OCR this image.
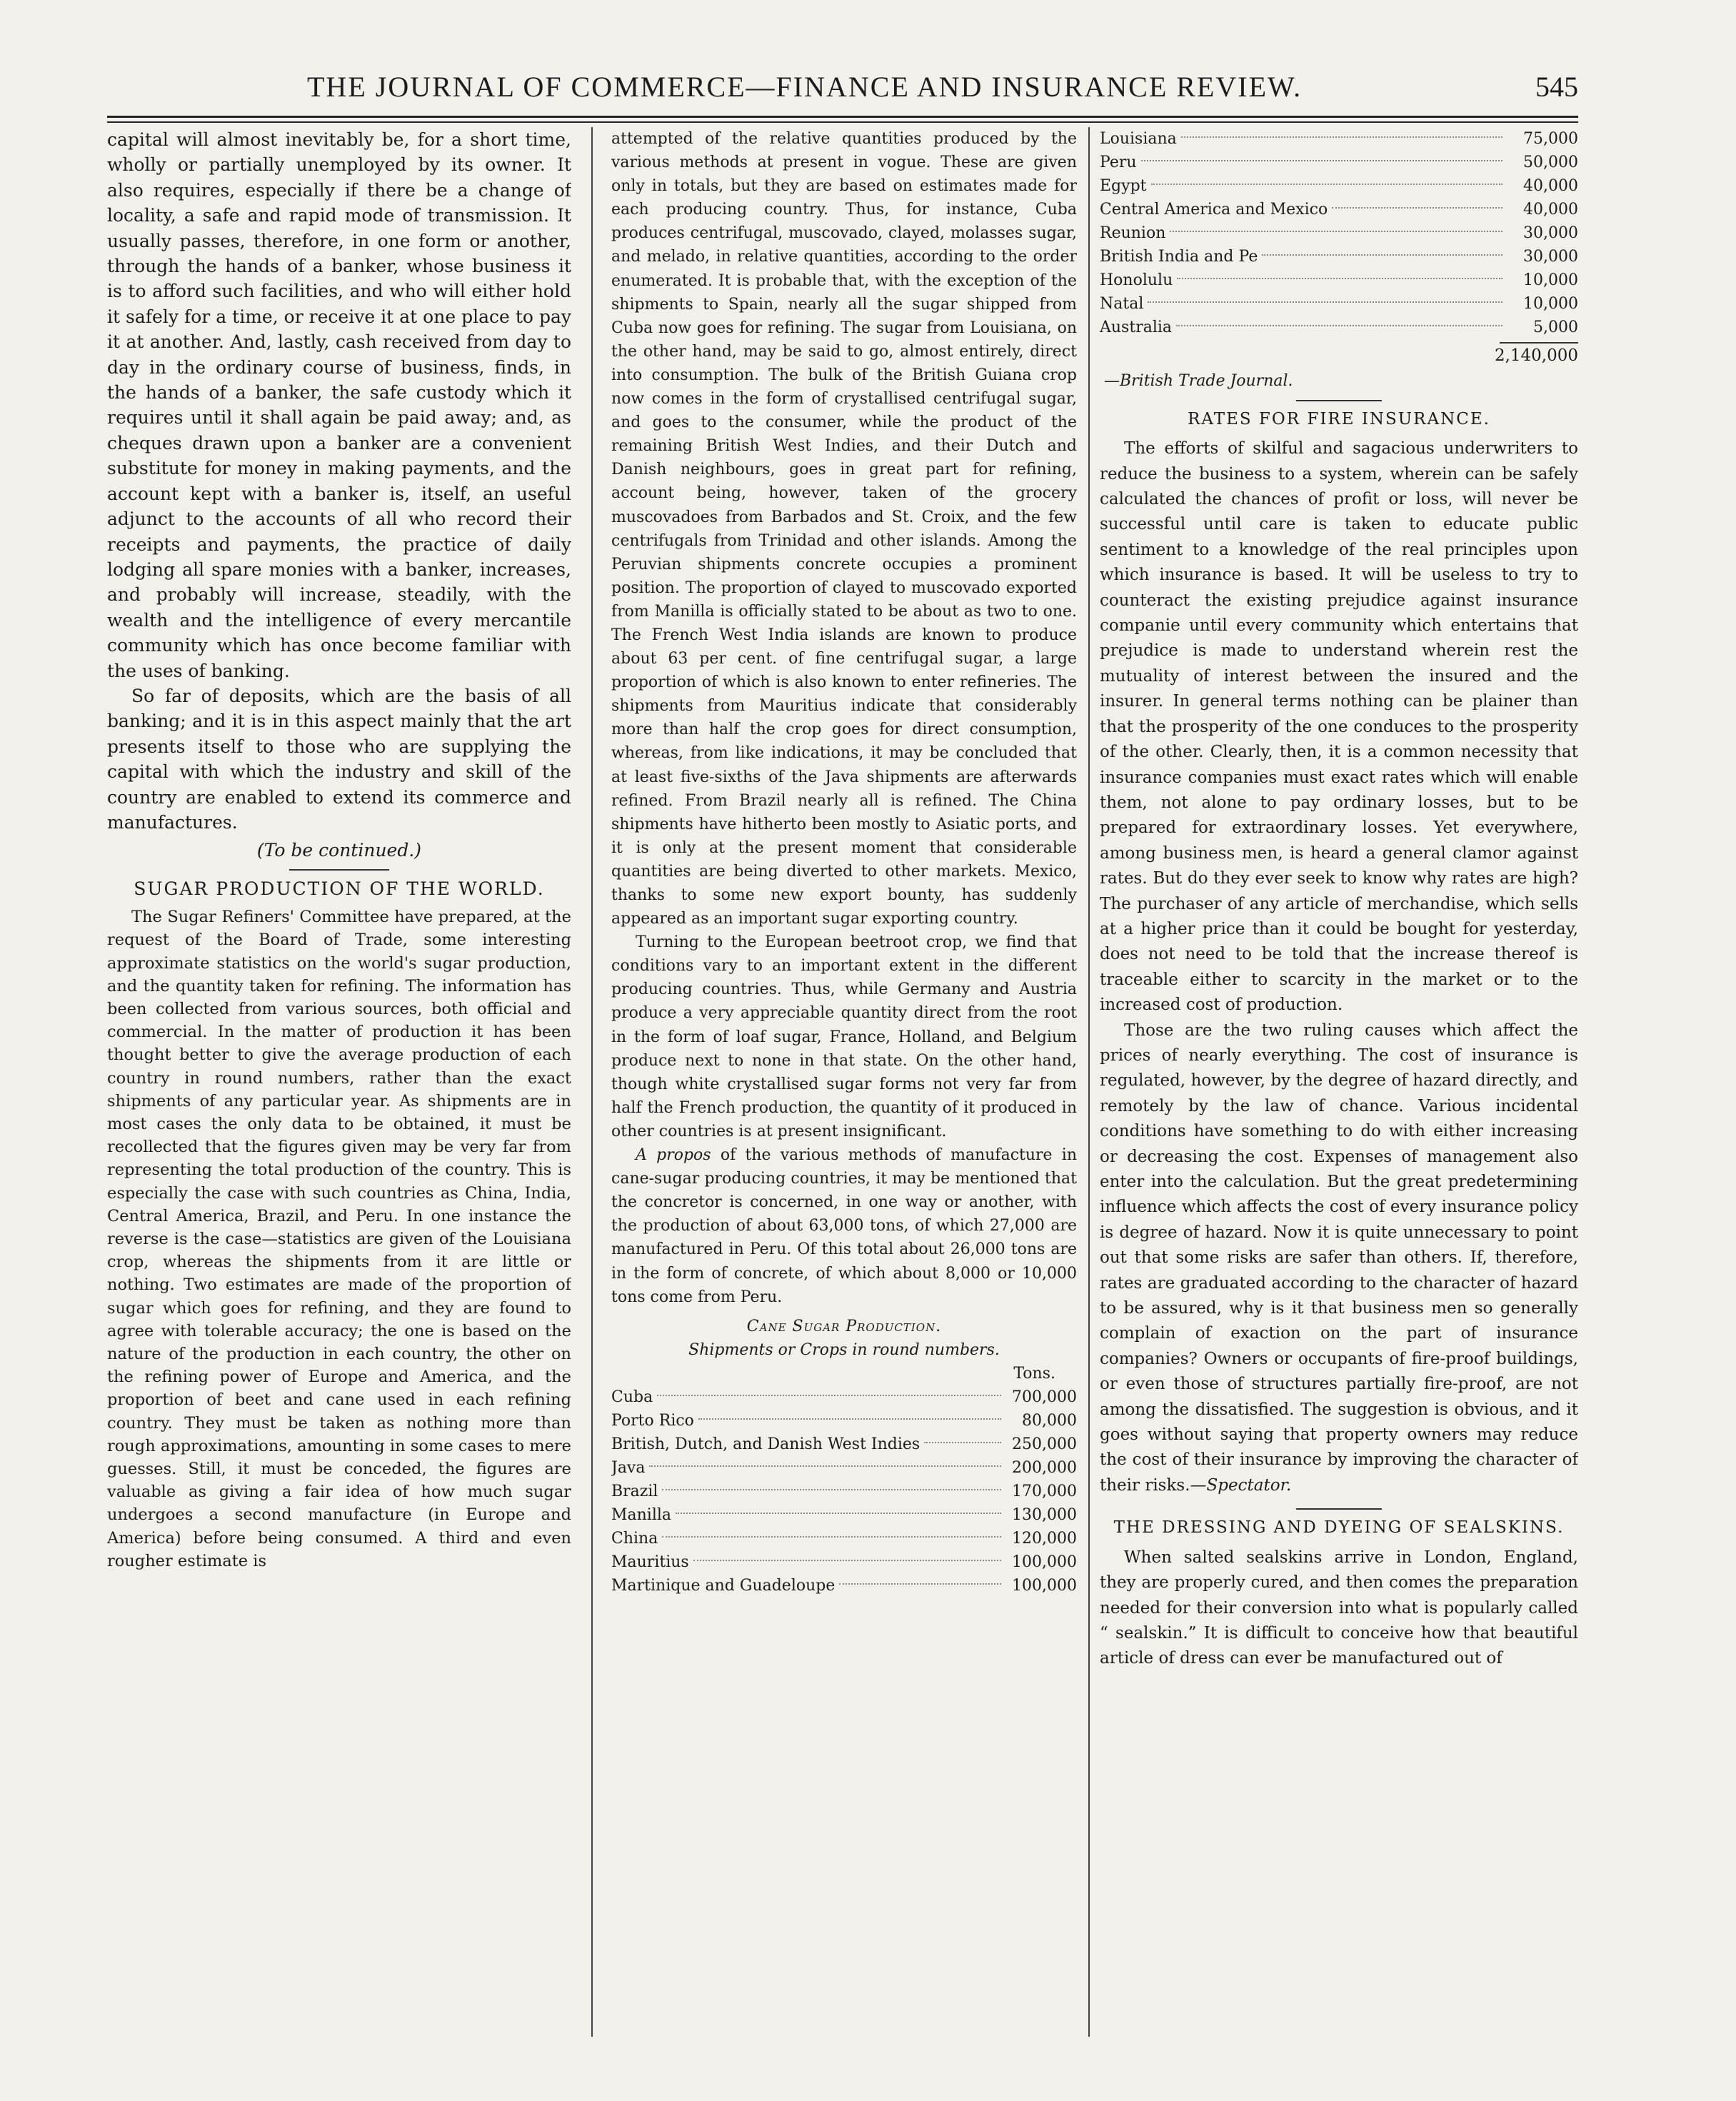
THE JOURNAL OF COMMERCE—FINANCE AND INSURANCE REVIEW.	545

capital will almost inevitably be, for a short time, wholly or partially unemployed by its owner. It also requires, especially if there be a change of locality, a safe and rapid mode of transmission. It usually passes, therefore, in one form or another, through the hands of a banker, whose business it is to afford such facilities, and who will either hold it safely for a time, or receive it at one place to pay it at another. And, lastly, cash received from day to day in the ordinary course of business, finds, in the hands of a banker, the safe custody which it requires until it shall again be paid away; and, as cheques drawn upon a banker are a convenient substitute for money in making payments, and the account kept with a banker is, itself, an useful adjunct to the accounts of all who record their receipts and payments, the practice of daily lodging all spare monies with a banker, increases, and probably will increase, steadily, with the wealth and the intelligence of every mercantile community which has once become familiar with the uses of banking.

So far of deposits, which are the basis of all banking; and it is in this aspect mainly that the art presents itself to those who are supplying the capital with which the industry and skill of the country are enabled to extend its commerce and manufactures.

(To be continued.)

SUGAR PRODUCTION OF THE WORLD.

The Sugar Refiners' Committee have prepared, at the request of the Board of Trade, some interesting approximate statistics on the world's sugar production, and the quantity taken for refining. The information has been collected from various sources, both official and commercial. In the matter of production it has been thought better to give the average production of each country in round numbers, rather than the exact shipments of any particular year. As shipments are in most cases the only data to be obtained, it must be recollected that the figures given may be very far from representing the total production of the country. This is especially the case with such countries as China, India, Central America, Brazil, and Peru. In one instance the reverse is the case—statistics are given of the Louisiana crop, whereas the shipments from it are little or nothing. Two estimates are made of the proportion of sugar which goes for refining, and they are found to agree with tolerable accuracy; the one is based on the nature of the production in each country, the other on the refining power of Europe and America, and the proportion of beet and cane used in each refining country. They must be taken as nothing more than rough approximations, amounting in some cases to mere guesses. Still, it must be conceded, the figures are valuable as giving a fair idea of how much sugar undergoes a second manufacture (in Europe and America) before being consumed. A third and even rougher estimate is

attempted of the relative quantities produced by the various methods at present in vogue. These are given only in totals, but they are based on estimates made for each producing country. Thus, for instance, Cuba produces centrifugal, muscovado, clayed, molasses sugar, and melado, in relative quantities, according to the order enumerated. It is probable that, with the exception of the shipments to Spain, nearly all the sugar shipped from Cuba now goes for refining. The sugar from Louisiana, on the other hand, may be said to go, almost entirely, direct into consumption. The bulk of the British Guiana crop now comes in the form of crystallised centrifugal sugar, and goes to the consumer, while the product of the remaining British West Indies, and their Dutch and Danish neighbours, goes in great part for refining, account being, however, taken of the grocery muscovadoes from Barbados and St. Croix, and the few centrifugals from Trinidad and other islands. Among the Peruvian shipments concrete occupies a prominent position. The proportion of clayed to muscovado exported from Manilla is officially stated to be about as two to one. The French West India islands are known to produce about 63 per cent. of fine centrifugal sugar, a large proportion of which is also known to enter refineries. The shipments from Mauritius indicate that considerably more than half the crop goes for direct consumption, whereas, from like indications, it may be concluded that at least five-sixths of the Java shipments are afterwards refined. From Brazil nearly all is refined. The China shipments have hitherto been mostly to Asiatic ports, and it is only at the present moment that considerable quantities are being diverted to other markets. Mexico, thanks to some new export bounty, has suddenly appeared as an important sugar exporting country.

Turning to the European beetroot crop, we find that conditions vary to an important extent in the different producing countries. Thus, while Germany and Austria produce a very appreciable quantity direct from the root in the form of loaf sugar, France, Holland, and Belgium produce next to none in that state. On the other hand, though white crystallised sugar forms not very far from half the French production, the quantity of it produced in other countries is at present insignificant.

A propos of the various methods of manufacture in cane-sugar producing countries, it may be mentioned that the concretor is concerned, in one way or another, with the production of about 63,000 tons, of which 27,000 are manufactured in Peru. Of this total about 26,000 tons are in the form of concrete, of which about 8,000 or 10,000 tons come from Peru.

Cane Sugar Production.
Shipments or Crops in round numbers.
Tons.
Cuba	700,000

Porto Rico	80,000

British, Dutch, and Danish West Indies	250,000

Java	200,000

Brazil	170,000

Manilla	130,000

China	120,000

Mauritius	100,000

Martinique and Guadeloupe	100,000
Louisiana	75,000

Peru	50,000

Egypt	40,000

Central America and Mexico	40,000

Reunion	30,000

British India and Pe	30,000

Honolulu	10,000

Natal	10,000

Australia	5,000
2,140,000
—British Trade Journal.
RATES FOR FIRE INSURANCE.

The efforts of skilful and sagacious underwriters to reduce the business to a system, wherein can be safely calculated the chances of profit or loss, will never be successful until care is taken to educate public sentiment to a knowledge of the real principles upon which insurance is based. It will be useless to try to counteract the existing prejudice against insurance companie until every community which entertains that prejudice is made to understand wherein rest the mutuality of interest between the insured and the insurer. In general terms nothing can be plainer than that the prosperity of the one conduces to the prosperity of the other. Clearly, then, it is a common necessity that insurance companies must exact rates which will enable them, not alone to pay ordinary losses, but to be prepared for extraordinary losses. Yet everywhere, among business men, is heard a general clamor against rates. But do they ever seek to know why rates are high? The purchaser of any article of merchandise, which sells at a higher price than it could be bought for yesterday, does not need to be told that the increase thereof is traceable either to scarcity in the market or to the increased cost of production.

Those are the two ruling causes which affect the prices of nearly everything. The cost of insurance is regulated, however, by the degree of hazard directly, and remotely by the law of chance. Various incidental conditions have something to do with either increasing or decreasing the cost. Expenses of management also enter into the calculation. But the great predetermining influence which affects the cost of every insurance policy is degree of hazard. Now it is quite unnecessary to point out that some risks are safer than others. If, therefore, rates are graduated according to the character of hazard to be assured, why is it that business men so generally complain of exaction on the part of insurance companies? Owners or occupants of fire-proof buildings, or even those of structures partially fire-proof, are not among the dissatisfied. The suggestion is obvious, and it goes without saying that property owners may reduce the cost of their insurance by improving the character of their risks.—Spectator.

THE DRESSING AND DYEING OF SEALSKINS.

When salted sealskins arrive in London, England, they are properly cured, and then comes the preparation needed for their conversion into what is popularly called “ sealskin.” It is difficult to conceive how that beautiful article of dress can ever be manufactured out of
